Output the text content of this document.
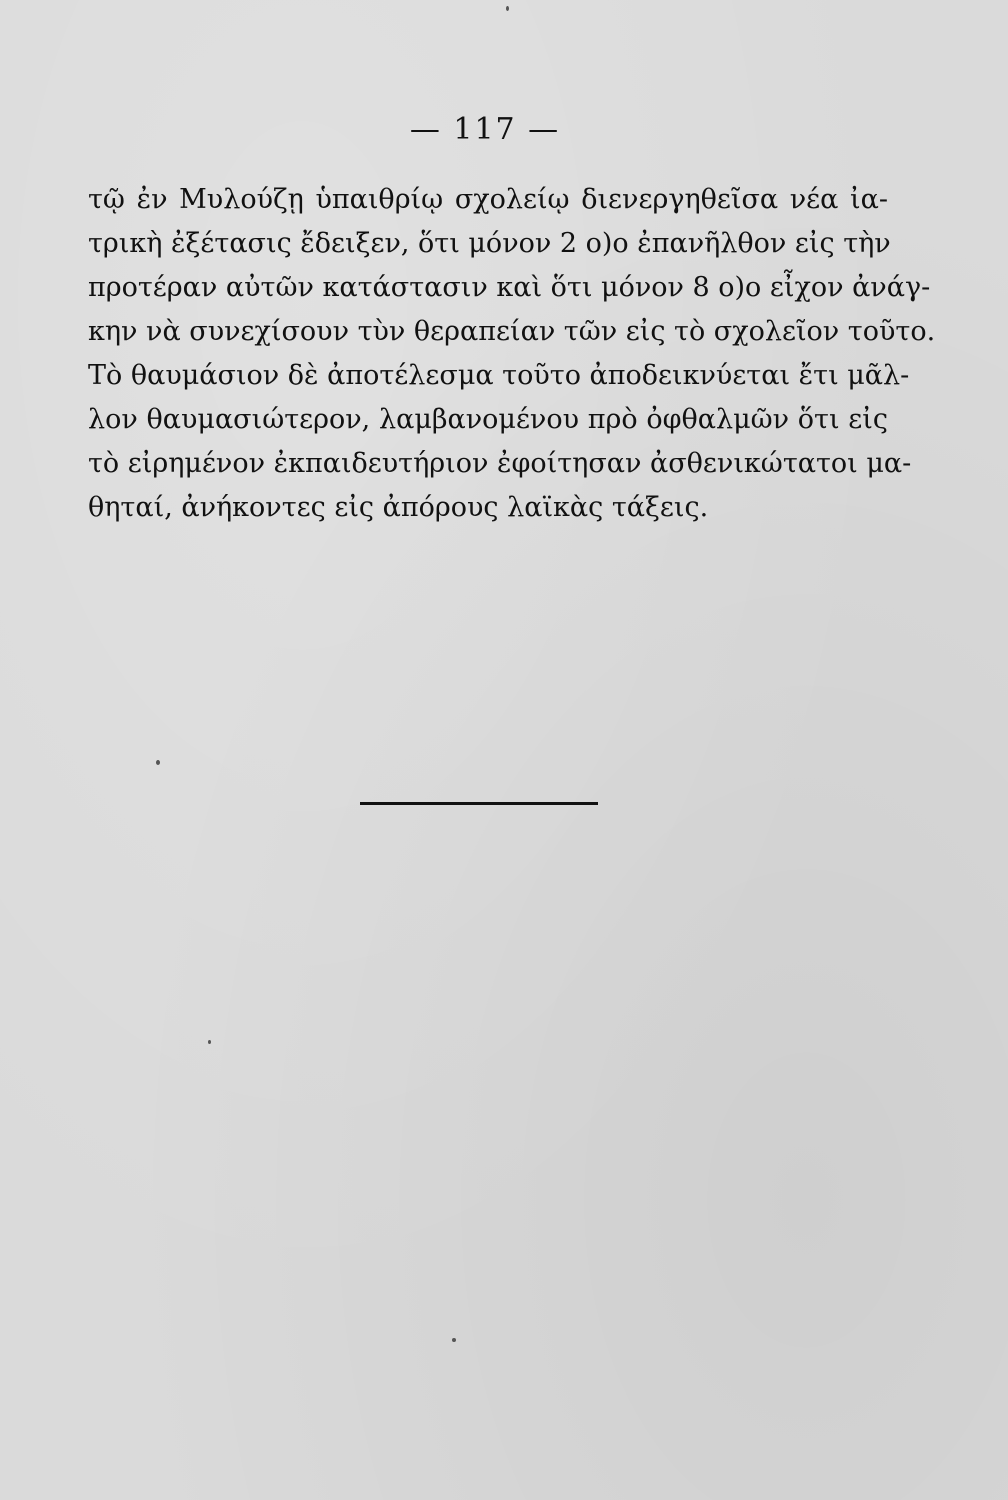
— 117 —
τῷ ἐν Μυλούζῃ ὑπαιθρίῳ σχολείῳ διενεργηθεῖσα νέα ἰα-
τρικὴ ἐξέτασις ἔδειξεν, ὅτι μόνον 2 ο)ο ἐπανῆλθον εἰς τὴν
προτέραν αὐτῶν κατάστασιν καὶ ὅτι μόνον 8 ο)ο εἶχον ἀνάγ-
κην νὰ συνεχίσουν τὺν θεραπείαν τῶν εἰς τὸ σχολεῖον τοῦτο.
Τὸ θαυμάσιον δὲ ἀποτέλεσμα τοῦτο ἀποδεικνύεται ἔτι μᾶλ-
λον θαυμασιώτερον, λαμβανομένου πρὸ ὀφθαλμῶν ὅτι εἰς
τὸ εἰρημένον ἐκπαιδευτήριον ἐφοίτησαν ἀσθενικώτατοι μα-
θηταί, ἀνήκοντες εἰς ἀπόρους λαϊκὰς τάξεις.
